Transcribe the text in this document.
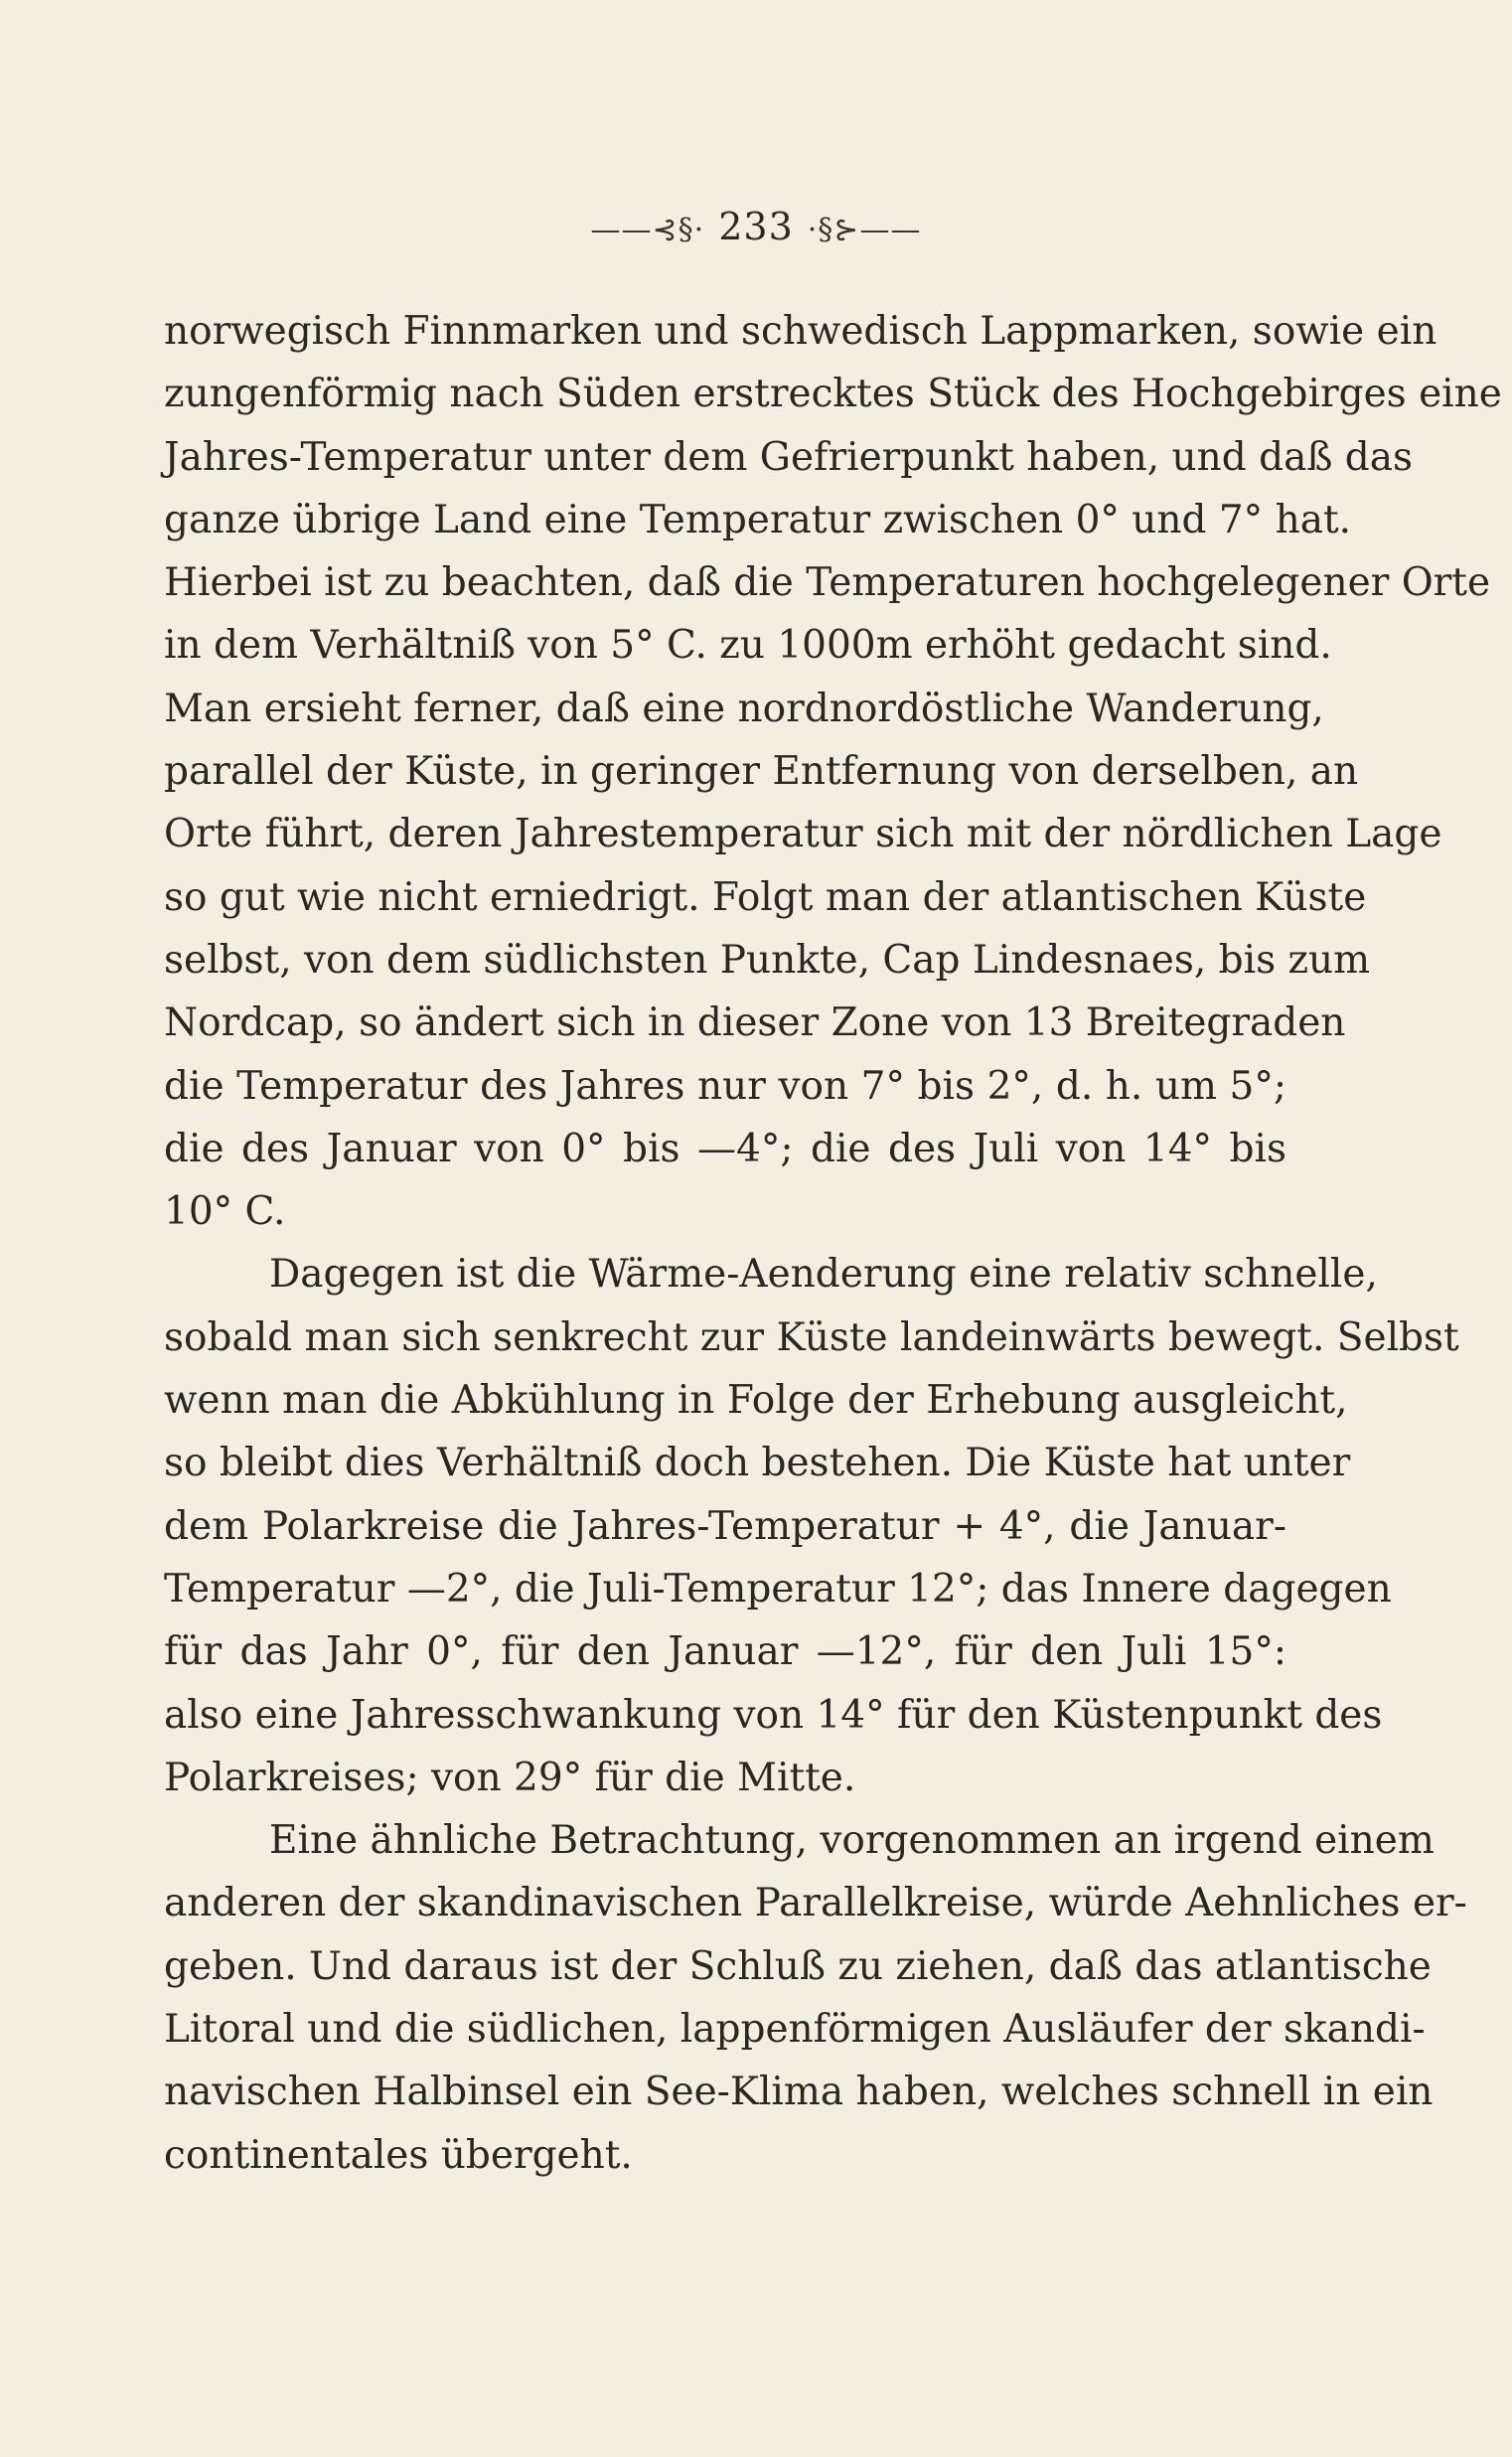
——⊰§· 233 ·§⊱——
norwegisch Finnmarken und schwedisch Lappmarken, sowie ein
zungenförmig nach Süden erstrecktes Stück des Hochgebirges eine
Jahres-Temperatur unter dem Gefrierpunkt haben, und daß das
ganze übrige Land eine Temperatur zwischen 0° und 7° hat.
Hierbei ist zu beachten, daß die Temperaturen hochgelegener Orte
in dem Verhältniß von 5° C. zu 1000m erhöht gedacht sind.
Man ersieht ferner, daß eine nordnordöstliche Wanderung,
parallel der Küste, in geringer Entfernung von derselben, an
Orte führt, deren Jahrestemperatur sich mit der nördlichen Lage
so gut wie nicht erniedrigt. Folgt man der atlantischen Küste
selbst, von dem südlichsten Punkte, Cap Lindesnaes, bis zum
Nordcap, so ändert sich in dieser Zone von 13 Breitegraden
die Temperatur des Jahres nur von 7° bis 2°, d. h. um 5°;
die des Januar von 0° bis —4°; die des Juli von 14° bis
10° C.
Dagegen ist die Wärme-Aenderung eine relativ schnelle,
sobald man sich senkrecht zur Küste landeinwärts bewegt. Selbst
wenn man die Abkühlung in Folge der Erhebung ausgleicht,
so bleibt dies Verhältniß doch bestehen. Die Küste hat unter
dem Polarkreise die Jahres-Temperatur + 4°, die Januar-
Temperatur —2°, die Juli-Temperatur 12°; das Innere dagegen
für das Jahr 0°, für den Januar —12°, für den Juli 15°:
also eine Jahresschwankung von 14° für den Küstenpunkt des
Polarkreises; von 29° für die Mitte.
Eine ähnliche Betrachtung, vorgenommen an irgend einem
anderen der skandinavischen Parallelkreise, würde Aehnliches er-
geben. Und daraus ist der Schluß zu ziehen, daß das atlantische
Litoral und die südlichen, lappenförmigen Ausläufer der skandi-
navischen Halbinsel ein See-Klima haben, welches schnell in ein
continentales übergeht.
